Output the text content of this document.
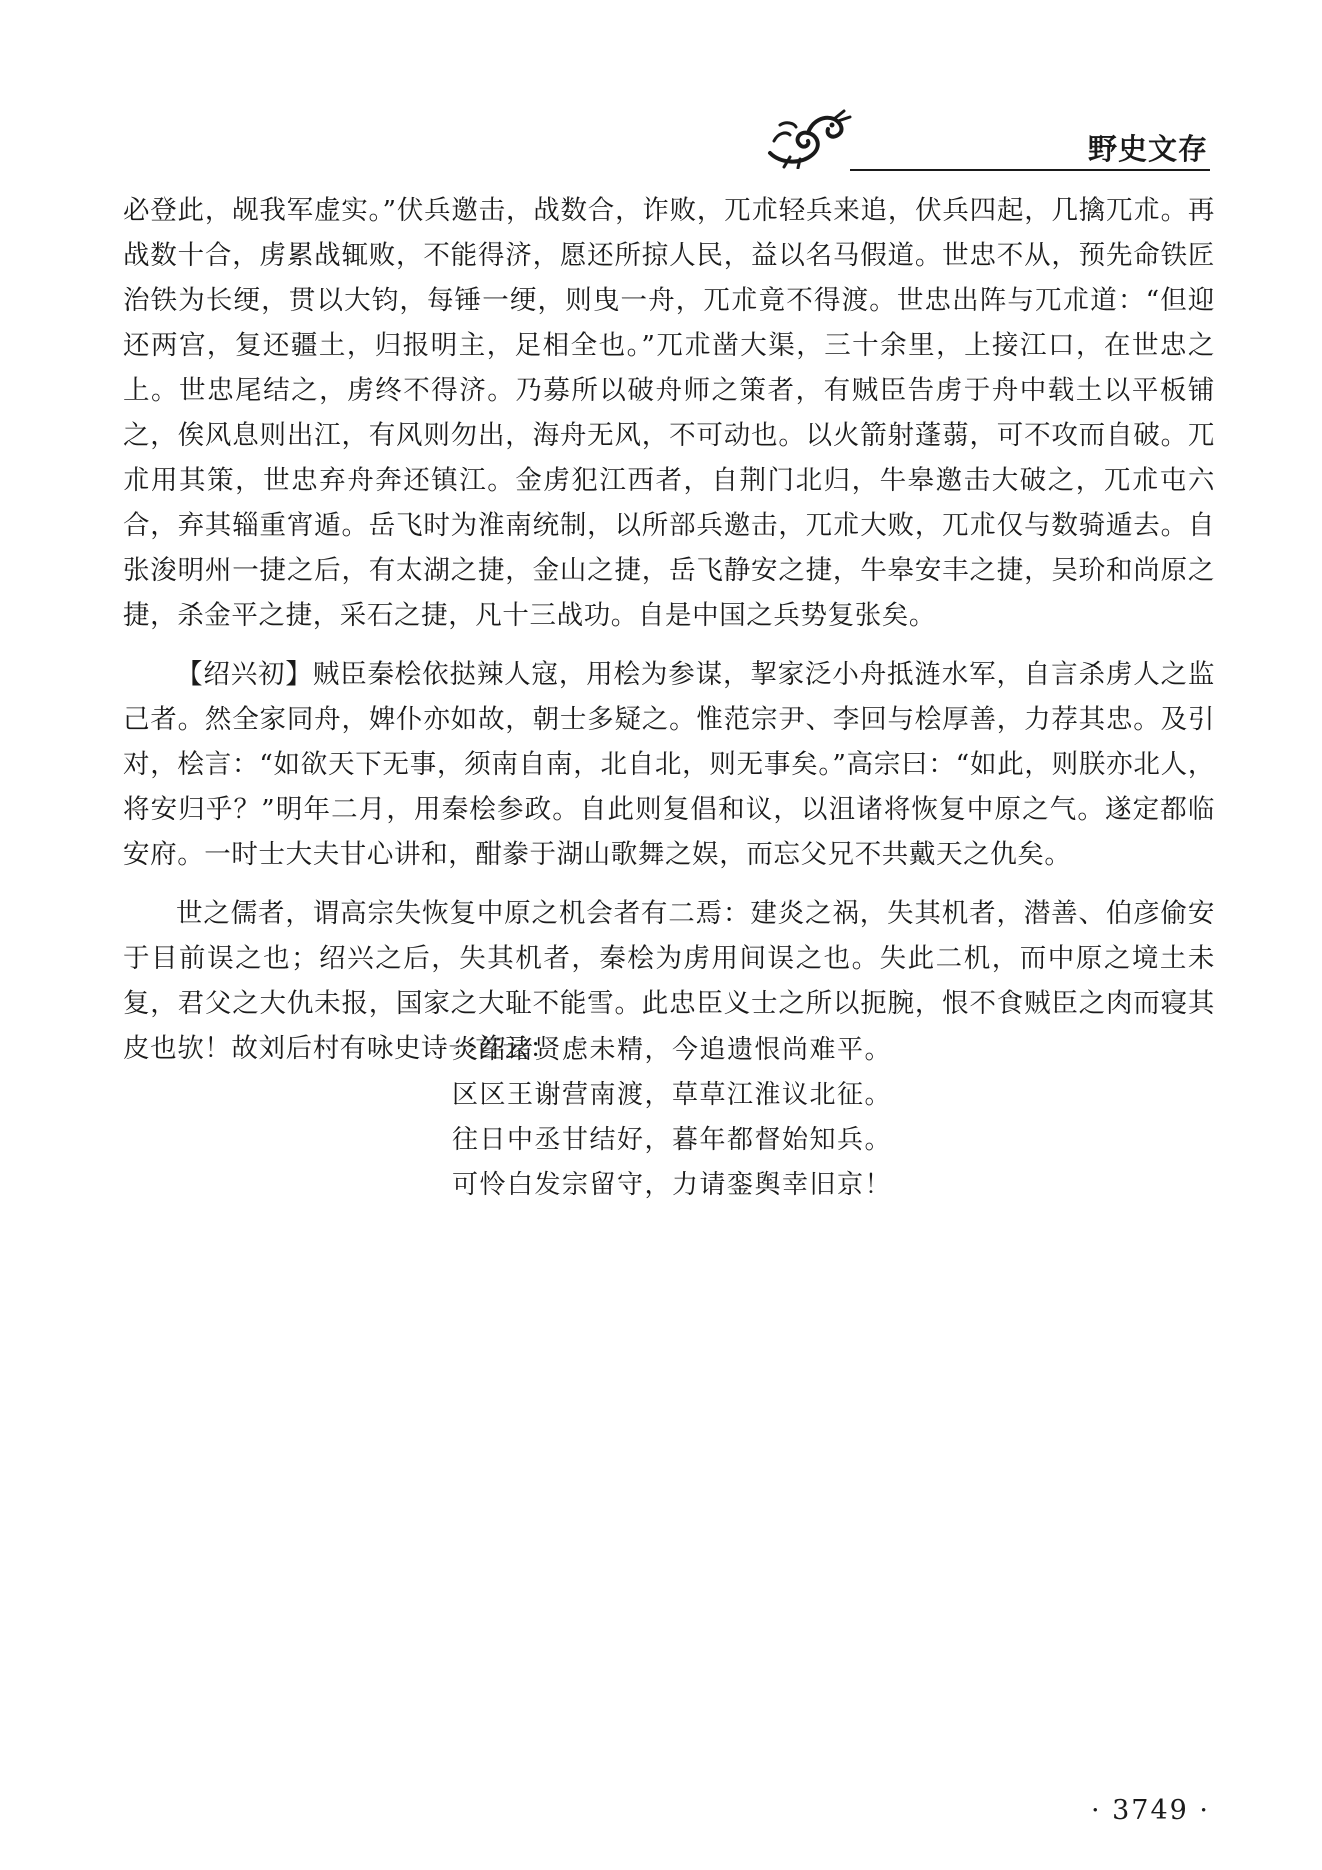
野史文存

必登此，觇我军虚实。”伏兵邀击，战数合，诈败，兀朮轻兵来追，伏兵四起，几擒兀朮。再战数十合，虏累战辄败，不能得济，愿还所掠人民，益以名马假道。世忠不从，预先命铁匠治铁为长绠，贯以大钧，每锤一绠，则曳一舟，兀朮竟不得渡。世忠出阵与兀朮道：“但迎还两宫，复还疆土，归报明主，足相全也。”兀朮凿大渠，三十余里，上接江口，在世忠之上。世忠尾结之，虏终不得济。乃募所以破舟师之策者，有贼臣告虏于舟中载土以平板铺之，俟风息则出江，有风则勿出，海舟无风，不可动也。以火箭射蓬蒻，可不攻而自破。兀朮用其策，世忠弃舟奔还镇江。金虏犯江西者，自荆门北归，牛皋邀击大破之，兀朮屯六合，弃其辎重宵遁。岳飞时为淮南统制，以所部兵邀击，兀朮大败，兀朮仅与数骑遁去。自张浚明州一捷之后，有太湖之捷，金山之捷，岳飞静安之捷，牛皋安丰之捷，吴玠和尚原之捷，杀金平之捷，采石之捷，凡十三战功。自是中国之兵势复张矣。

【绍兴初】贼臣秦桧依挞辣人寇，用桧为参谋，挈家泛小舟抵涟水军，自言杀虏人之监己者。然全家同舟，婢仆亦如故，朝士多疑之。惟范宗尹、李回与桧厚善，力荐其忠。及引对，桧言：“如欲天下无事，须南自南，北自北，则无事矣。”高宗曰：“如此，则朕亦北人，将安归乎？”明年二月，用秦桧参政。自此则复倡和议，以沮诸将恢复中原之气。遂定都临安府。一时士大夫甘心讲和，酣豢于湖山歌舞之娱，而忘父兄不共戴天之仇矣。

世之儒者，谓高宗失恢复中原之机会者有二焉：建炎之祸，失其机者，潜善、伯彦偷安于目前误之也；绍兴之后，失其机者，秦桧为虏用间误之也。失此二机，而中原之境土未复，君父之大仇未报，国家之大耻不能雪。此忠臣义士之所以扼腕，恨不食贼臣之肉而寝其皮也欤！故刘后村有咏史诗一首云：

炎绍诸贤虑未精，今追遗恨尚难平。
区区王谢营南渡，草草江淮议北征。
往日中丞甘结好，暮年都督始知兵。
可怜白发宗留守，力请銮舆幸旧京！
· 3749 ·
